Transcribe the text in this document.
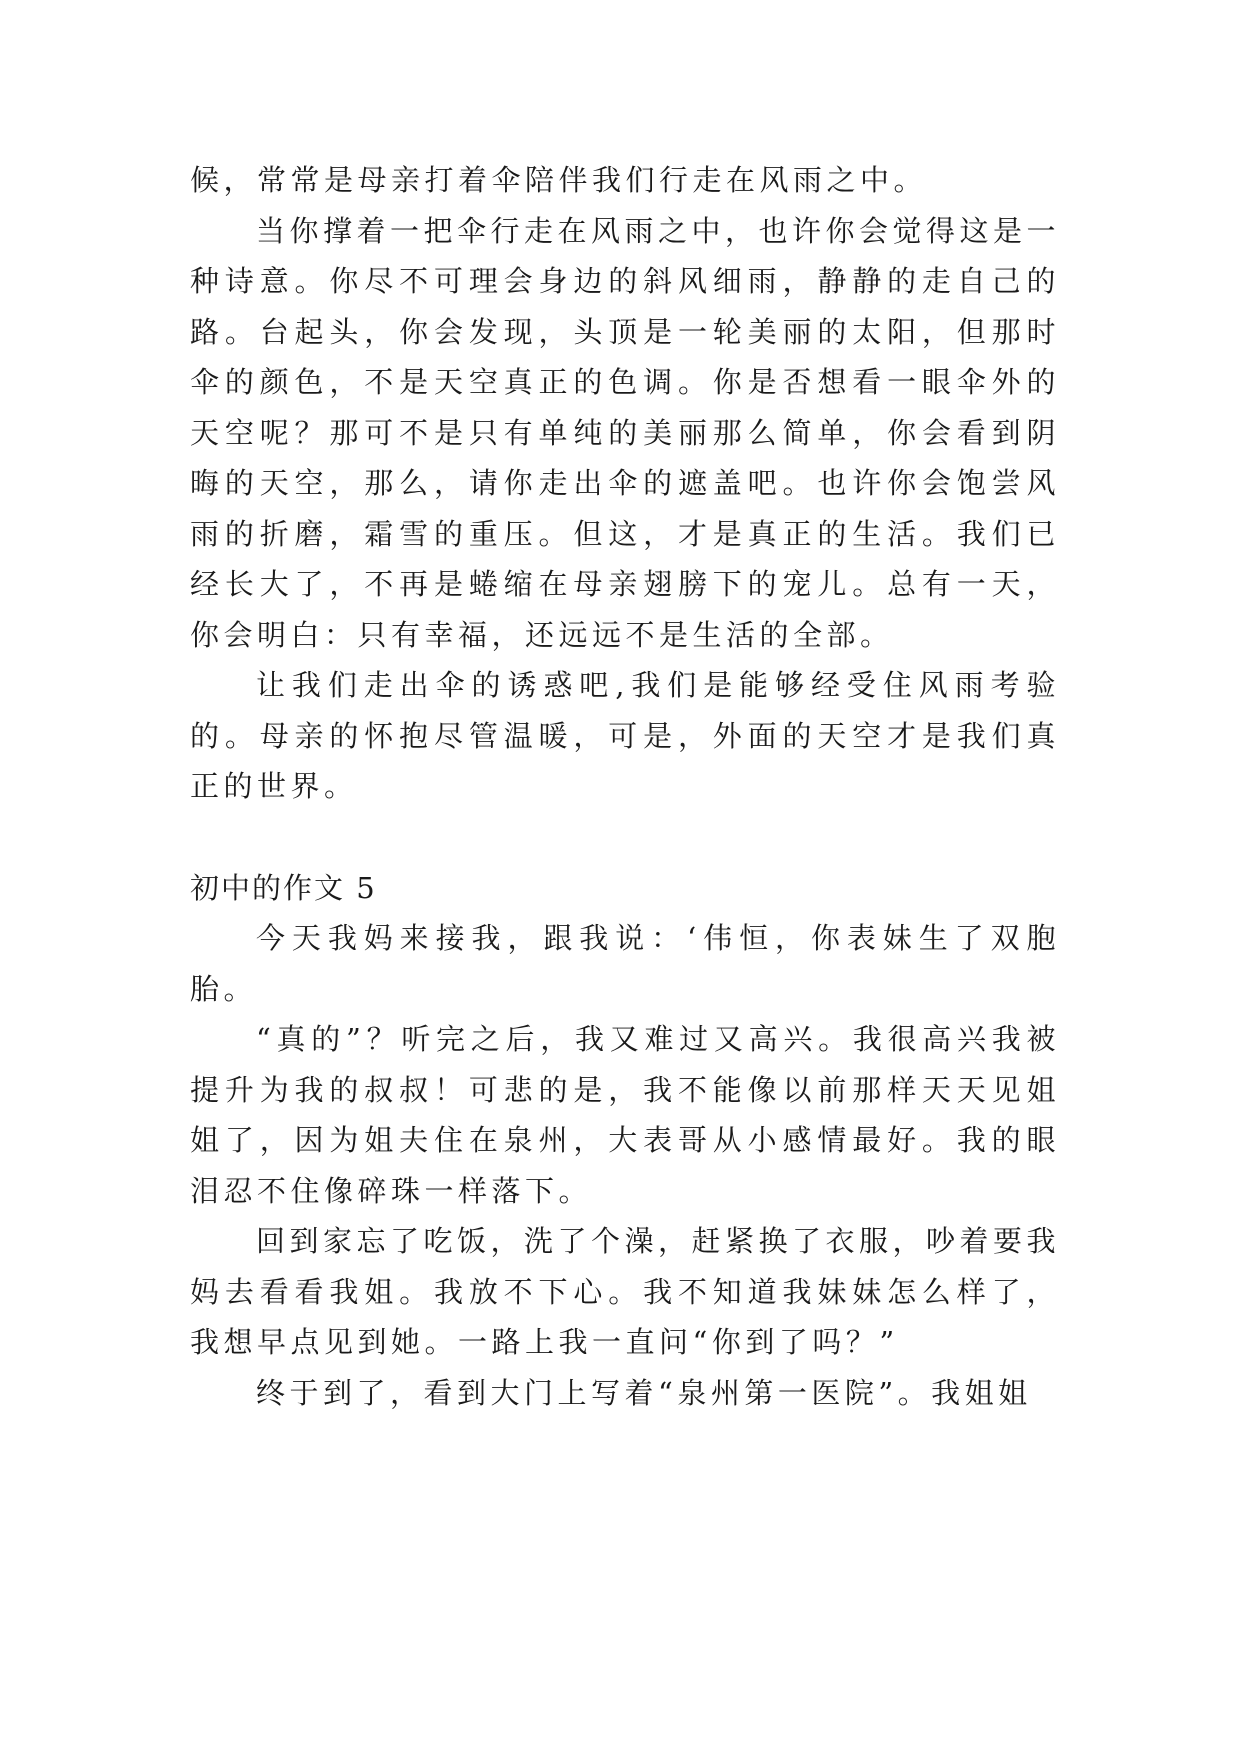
候，常常是母亲打着伞陪伴我们行走在风雨之中。

当你撑着一把伞行走在风雨之中，也许你会觉得这是一种诗意。你尽不可理会身边的斜风细雨，静静的走自己的路。台起头，你会发现，头顶是一轮美丽的太阳，但那时伞的颜色，不是天空真正的色调。你是否想看一眼伞外的天空呢？那可不是只有单纯的美丽那么简单，你会看到阴晦的天空，那么，请你走出伞的遮盖吧。也许你会饱尝风雨的折磨，霜雪的重压。但这，才是真正的生活。我们已经长大了，不再是蜷缩在母亲翅膀下的宠儿。总有一天，你会明白：只有幸福，还远远不是生活的全部。

让我们走出伞的诱惑吧,我们是能够经受住风雨考验的。母亲的怀抱尽管温暖，可是，外面的天空才是我们真正的世界。

初中的作文 5

今天我妈来接我，跟我说：‘伟恒，你表妹生了双胞胎。

“真的”？听完之后，我又难过又高兴。我很高兴我被提升为我的叔叔！可悲的是，我不能像以前那样天天见姐姐了，因为姐夫住在泉州，大表哥从小感情最好。我的眼泪忍不住像碎珠一样落下。

回到家忘了吃饭，洗了个澡，赶紧换了衣服，吵着要我妈去看看我姐。我放不下心。我不知道我妹妹怎么样了，我想早点见到她。一路上我一直问“你到了吗？”

终于到了，看到大门上写着“泉州第一医院”。我姐姐
